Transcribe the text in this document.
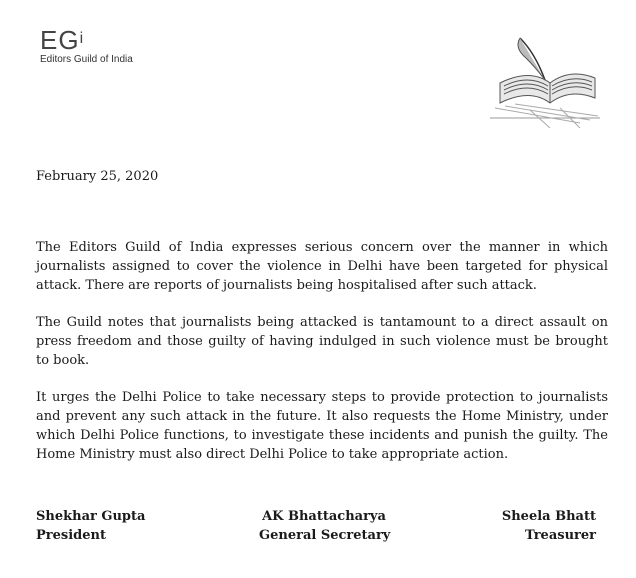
$EG^i$
Editors Guild of India
February 25, 2020

The Editors Guild of India expresses serious concern over the manner in which journalists assigned to cover the violence in Delhi have been targeted for physical attack. There are reports of journalists being hospitalised after such attack.

The Guild notes that journalists being attacked is tantamount to a direct assault on press freedom and those guilty of having indulged in such violence must be brought to book.

It urges the Delhi Police to take necessary steps to provide protection to journalists and prevent any such attack in the future. It also requests the Home Ministry, under which Delhi Police functions, to investigate these incidents and punish the guilty. The Home Ministry must also direct Delhi Police to take appropriate action.

Shekhar Gupta
President
AK Bhattacharya
General Secretary
Sheela Bhatt
Treasurer
